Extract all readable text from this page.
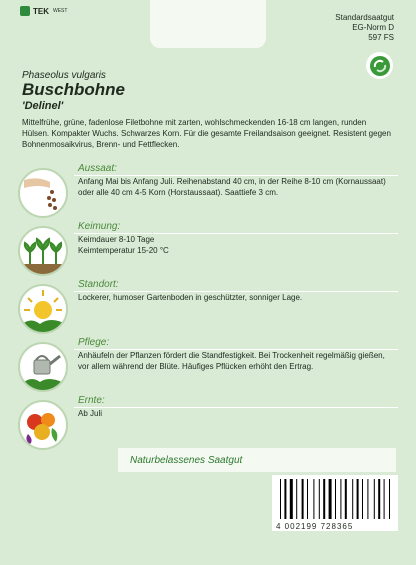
TEK WEST
Standardsaatgut
EG-Norm D
597 FS
Phaseolus vulgaris
Buschbohne
'Delinel'
Mittelfrühe, grüne, fadenlose Filetbohne mit zarten, wohlschmeckenden 16-18 cm langen, runden Hülsen. Kompakter Wuchs. Schwarzes Korn. Für die gesamte Freilandsaison geeignet. Resistent gegen Bohnenmosaikvirus, Brenn- und Fettflecken.
Aussaat:
Anfang Mai bis Anfang Juli. Reihenabstand 40 cm, in der Reihe 8-10 cm (Kornaussaat) oder alle 40 cm 4-5 Korn (Horstaussaat). Saattiefe 3 cm.
Keimung:
Keimdauer 8-10 Tage
Keimtemperatur 15-20 °C
Standort:
Lockerer, humoser Gartenboden in geschützter, sonniger Lage.
Pflege:
Anhäufeln der Pflanzen fördert die Standfestigkeit. Bei Trockenheit regelmäßig gießen, vor allem während der Blüte. Häufiges Pflücken erhöht den Ertrag.
Ernte:
Ab Juli
Naturbelassenes Saatgut
4 002199 728365
